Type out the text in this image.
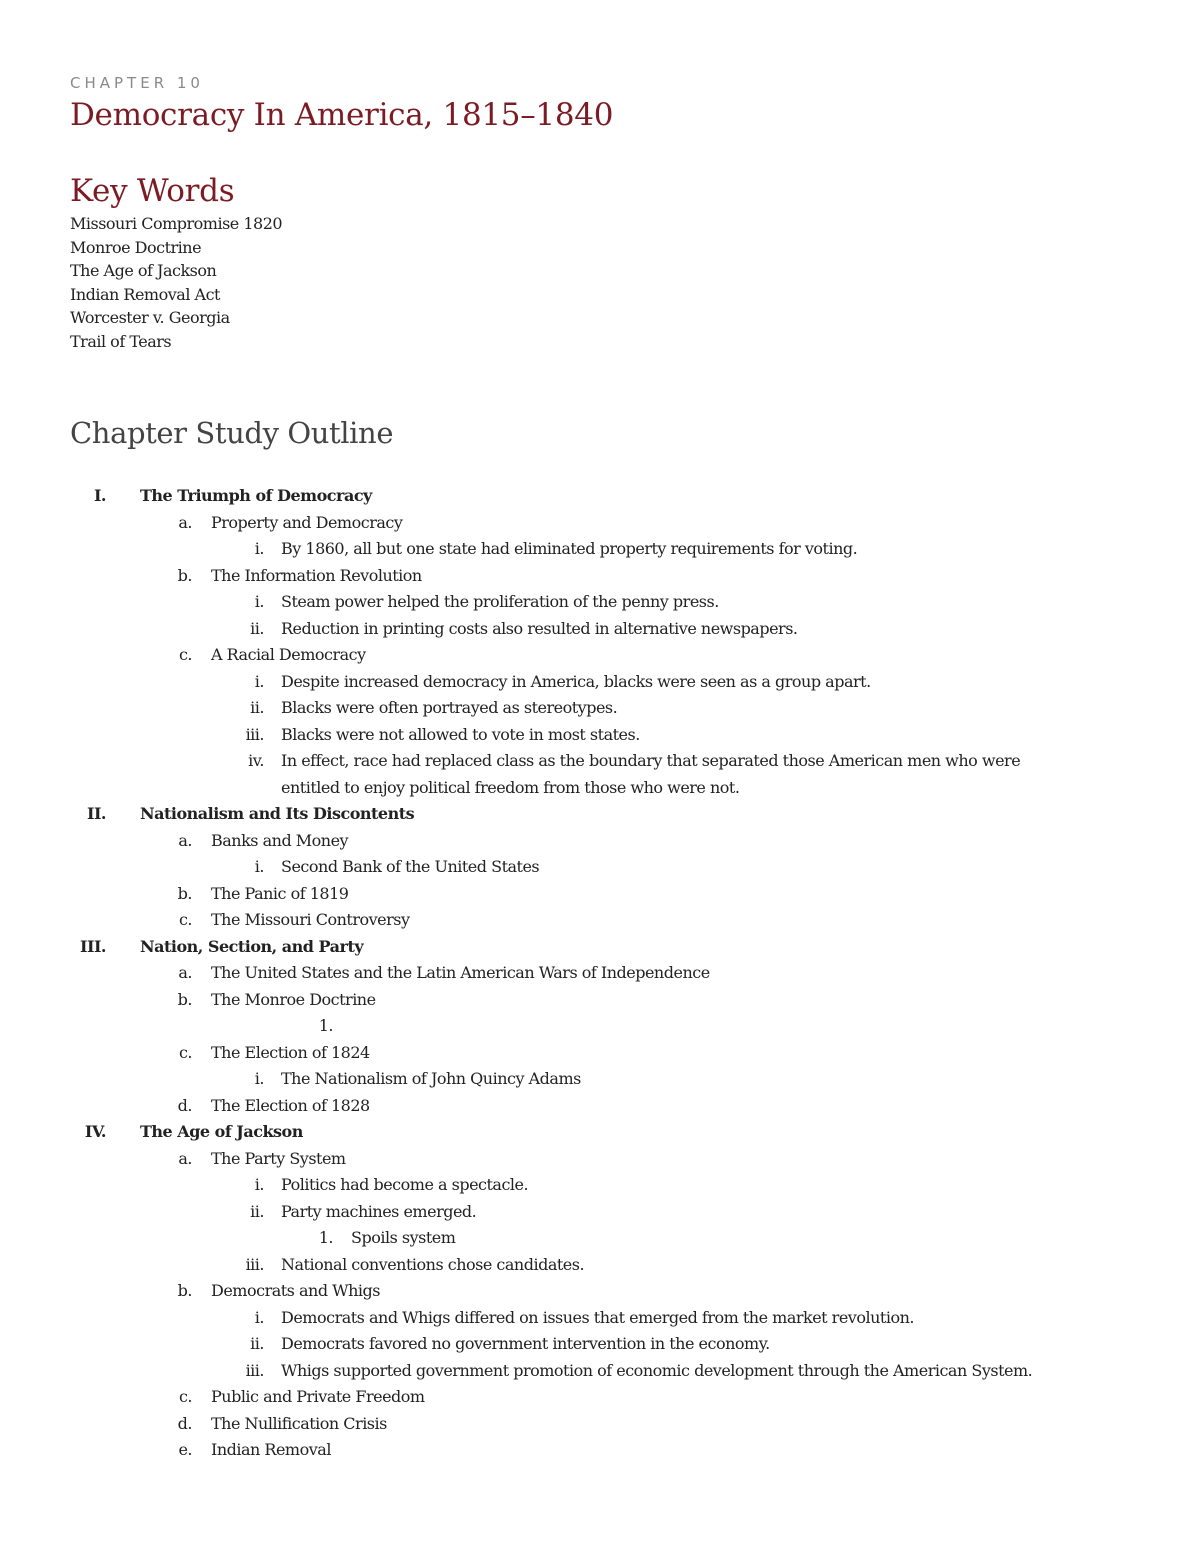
CHAPTER 10
Democracy In America, 1815–1840
Key Words
Missouri Compromise 1820
Monroe Doctrine
The Age of Jackson
Indian Removal Act
Worcester v. Georgia
Trail of Tears
Chapter Study Outline
I. The Triumph of Democracy
a. Property and Democracy
i. By 1860, all but one state had eliminated property requirements for voting.
b. The Information Revolution
i. Steam power helped the proliferation of the penny press.
ii. Reduction in printing costs also resulted in alternative newspapers.
c. A Racial Democracy
i. Despite increased democracy in America, blacks were seen as a group apart.
ii. Blacks were often portrayed as stereotypes.
iii. Blacks were not allowed to vote in most states.
iv. In effect, race had replaced class as the boundary that separated those American men who were entitled to enjoy political freedom from those who were not.
II. Nationalism and Its Discontents
a. Banks and Money
i. Second Bank of the United States
b. The Panic of 1819
c. The Missouri Controversy
III. Nation, Section, and Party
a. The United States and the Latin American Wars of Independence
b. The Monroe Doctrine
1.

c. The Election of 1824
i. The Nationalism of John Quincy Adams
d. The Election of 1828
IV. The Age of Jackson
a. The Party System
i. Politics had become a spectacle.
ii. Party machines emerged.
1. Spoils system
iii. National conventions chose candidates.
b. Democrats and Whigs
i. Democrats and Whigs differed on issues that emerged from the market revolution.
ii. Democrats favored no government intervention in the economy.
iii. Whigs supported government promotion of economic development through the American System.
c. Public and Private Freedom
d. The Nullification Crisis
e. Indian Removal
